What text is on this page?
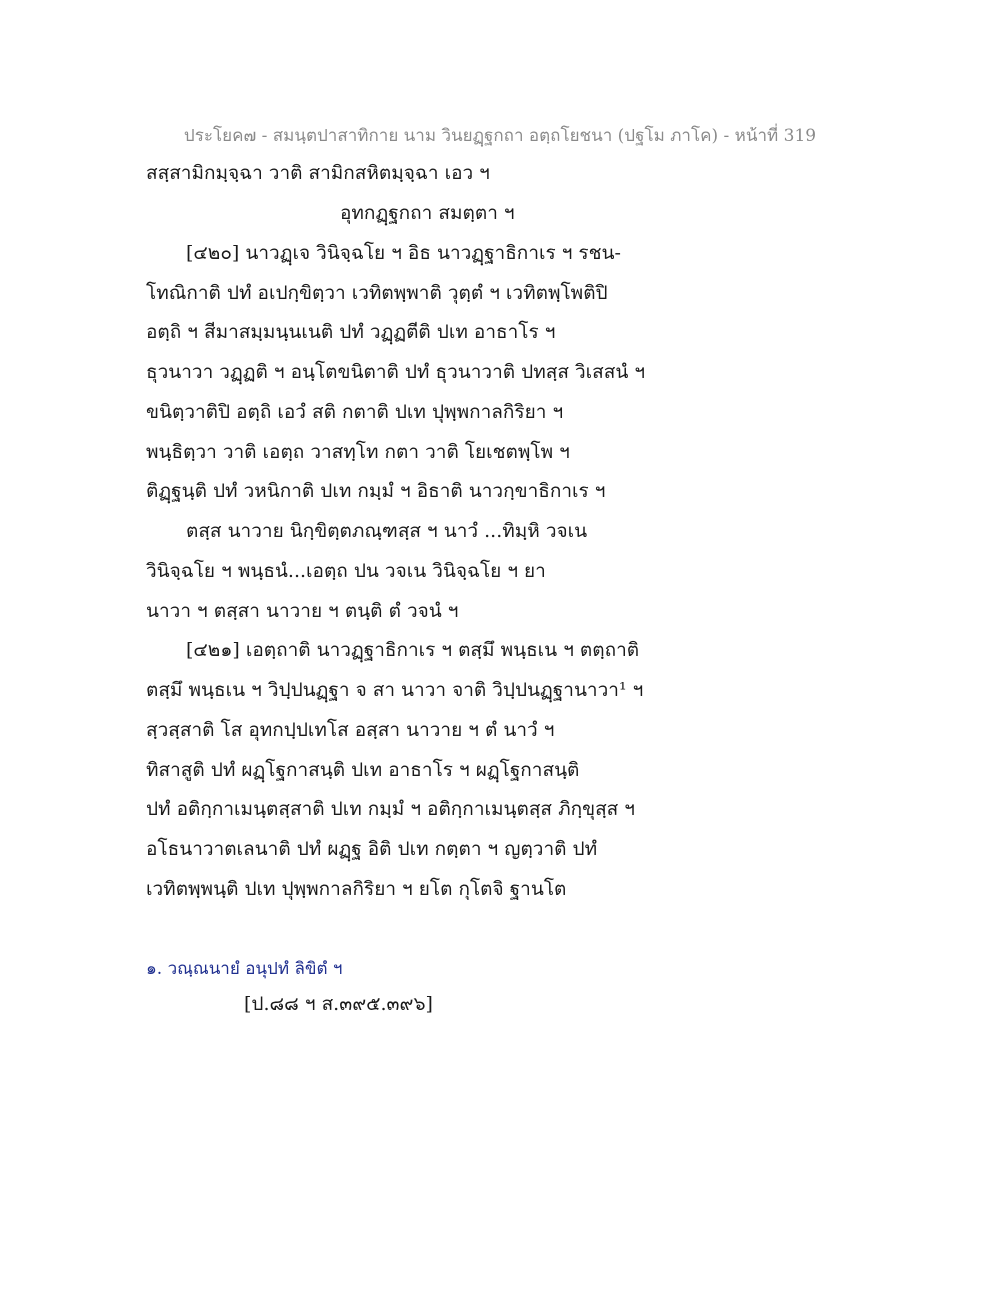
ประโยค๗ - สมนฺตปาสาทิกาย นาม วินยฏฺฐกถา อตฺถโยชนา (ปฐโม ภาโค) - หน้าที่ 319
สสฺสามิกมฺจฺฉา วาติ สามิกสหิตมฺจฺฉา เอว ฯ
อุทกฏฺฐกถา สมตฺตา ฯ
[๔๒๐] นาวฏฺเจ วินิจฺฉโย ฯ อิธ นาวฏฺฐาธิกาเร ฯ รชน-
โทณิกาติ ปทํ อเปกฺขิตฺวา เวทิตพฺพาติ วุตฺตํ ฯ เวทิตพฺโพติปิ
อตฺถิ ฯ สีมาสมฺมนฺนเนติ ปทํ วฏฺฏตีติ ปเท อาธาโร ฯ
ธุวนาวา วฏฺฏติ ฯ อนฺโตขนิตาติ ปทํ ธุวนาวาติ ปทสฺส วิเสสนํ ฯ
ขนิตฺวาติปิ อตฺถิ เอวํ สติ กตาติ ปเท ปุพฺพกาลกิริยา ฯ
พนฺธิตฺวา วาติ เอตฺถ วาสทฺโท กตา วาติ โยเชตพฺโพ ฯ
ติฏฺฐนฺติ ปทํ วหนิกาติ ปเท กมฺมํ ฯ อิธาติ นาวกฺขาธิกาเร ฯ
ตสฺส นาวาย นิกฺขิตฺตภณฺฑสฺส ฯ นาวํ ...ทิมฺหิ วจเน
วินิจฺฉโย ฯ พนฺธนํ...เอตฺถ ปน วจเน วินิจฺฉโย ฯ ยา
นาวา ฯ ตสฺสา นาวาย ฯ ตนฺติ ตํ วจนํ ฯ
[๔๒๑] เอตฺถาติ นาวฏฺฐาธิกาเร ฯ ตสฺมึ พนฺธเน ฯ ตตฺถาติ
ตสฺมึ พนฺธเน ฯ วิปฺปนฏฺฐา จ สา นาวา จาติ วิปฺปนฏฺฐานาวา¹ ฯ
สฺวสฺสาติ โส อุทกปฺปเทโส อสฺสา นาวาย ฯ ตํ นาวํ ฯ
ทิสาสูติ ปทํ ผฏฺโฐกาสนฺติ ปเท อาธาโร ฯ ผฏฺโฐกาสนฺติ
ปทํ อติกฺกาเมนฺตสฺสาติ ปเท กมฺมํ ฯ อติกฺกาเมนฺตสฺส ภิกฺขุสฺส ฯ
อโธนาวาตเลนาติ ปทํ ผฏฺฐ อิติ ปเท กตฺตา ฯ ญตฺวาติ ปทํ
เวทิตพฺพนฺติ ปเท ปุพฺพกาลกิริยา ฯ ยโต กุโตจิ ฐานโต
๑. วณฺณนายํ อนุปทํ ลิขิตํ ฯ
[ป.๘๘ ฯ ส.๓๙๕.๓๙๖]
